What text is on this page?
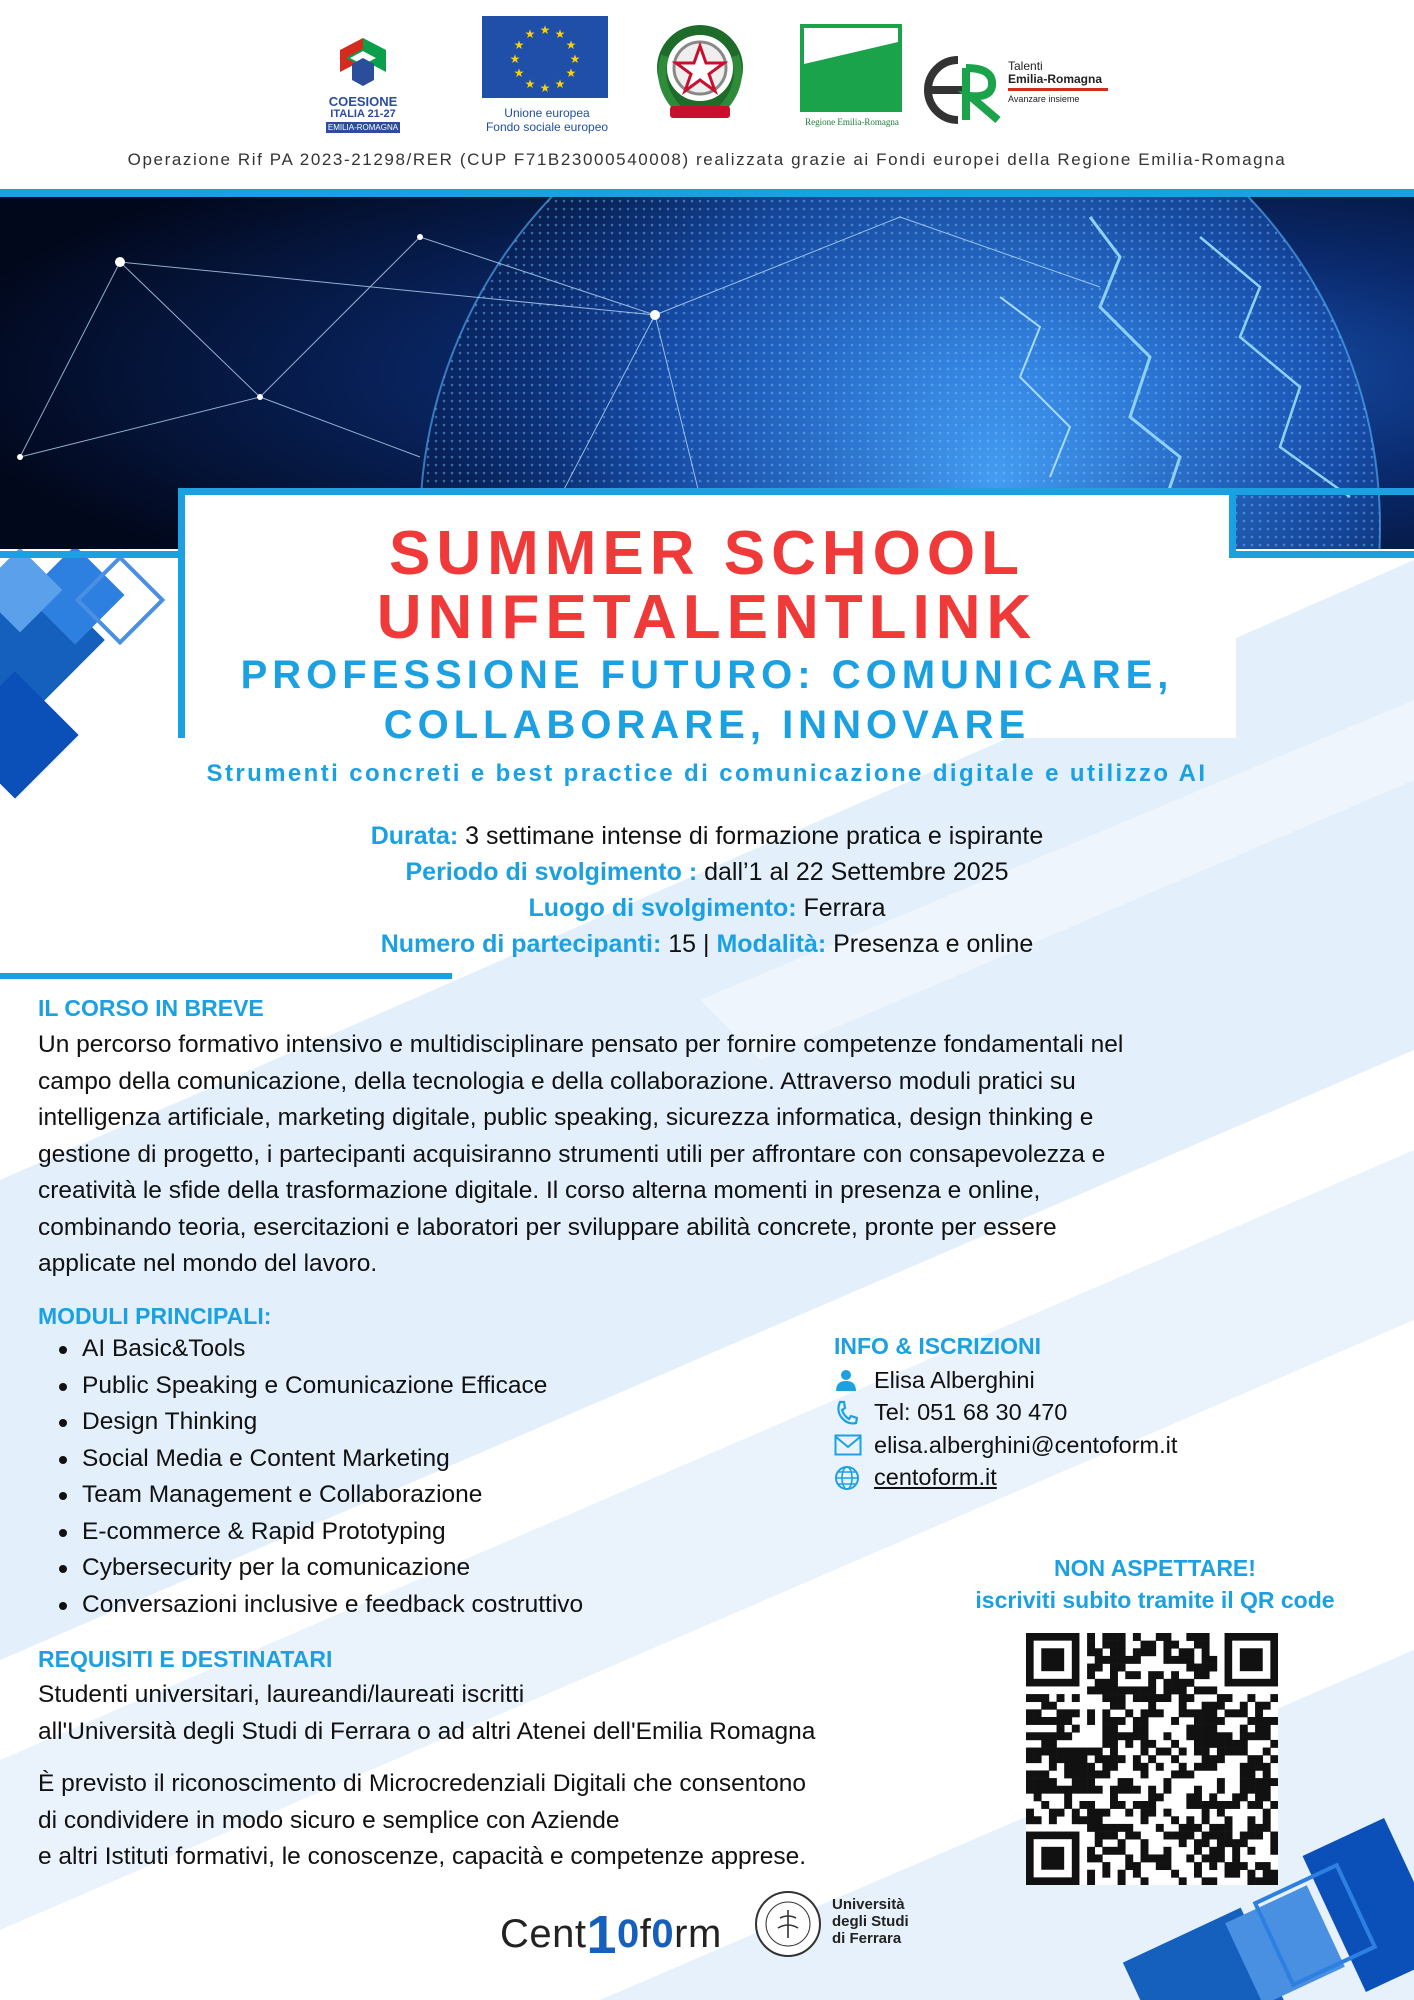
COESIONE
ITALIA 21-27
EMILIA-ROMAGNA
★ ★
★
★
★
★
★
★
★
★
★
★
Unione europea
Fondo sociale europeo	Regione Emilia-Romagna
Talenti
Emilia-Romagna
Avanzare insieme
Operazione Rif PA 2023-21298/RER (CUP F71B23000540008) realizzata grazie ai Fondi europei della Regione Emilia-Romagna
SUMMER SCHOOL
UNIFETALENTLINK
PROFESSIONE FUTURO: COMUNICARE,
COLLABORARE, INNOVARE
Strumenti concreti e best practice di comunicazione digitale e utilizzo AI
Durata: 3 settimane intense di formazione pratica e ispirante
Periodo di svolgimento : dall’1 al 22 Settembre 2025
Luogo di svolgimento: Ferrara
Numero di partecipanti: 15 | Modalità: Presenza e online
IL CORSO IN BREVE
Un percorso formativo intensivo e multidisciplinare pensato per fornire competenze fondamentali nel
campo della comunicazione, della tecnologia e della collaborazione. Attraverso moduli pratici su
intelligenza artificiale, marketing digitale, public speaking, sicurezza informatica, design thinking e
gestione di progetto, i partecipanti acquisiranno strumenti utili per affrontare con consapevolezza e
creatività le sfide della trasformazione digitale. Il corso alterna momenti in presenza e online,
combinando teoria, esercitazioni e laboratori per sviluppare abilità concrete, pronte per essere
applicate nel mondo del lavoro.
MODULI PRINCIPALI:
AI Basic&Tools
Public Speaking e Comunicazione Efficace
Design Thinking
Social Media e Content Marketing
Team Management e Collaborazione
E-commerce & Rapid Prototyping
Cybersecurity per la comunicazione
Conversazioni inclusive e feedback costruttivo
INFO & ISCRIZIONI
Elisa Alberghini
Tel: 051 68 30 470
elisa.alberghini@centoform.it
centoform.it
NON ASPETTARE!
iscriviti subito tramite il QR code
REQUISITI E DESTINATARI
Studenti universitari, laureandi/laureati iscritti
all'Università degli Studi di Ferrara o ad altri Atenei dell'Emilia Romagna
È previsto il riconoscimento di Microcredenziali Digitali che consentono
di condividere in modo sicuro e semplice con Aziende
e altri Istituti formativi, le conoscenze, capacità e competenze apprese.
Cent10f0rm
Università
degli Studi
di Ferrara
